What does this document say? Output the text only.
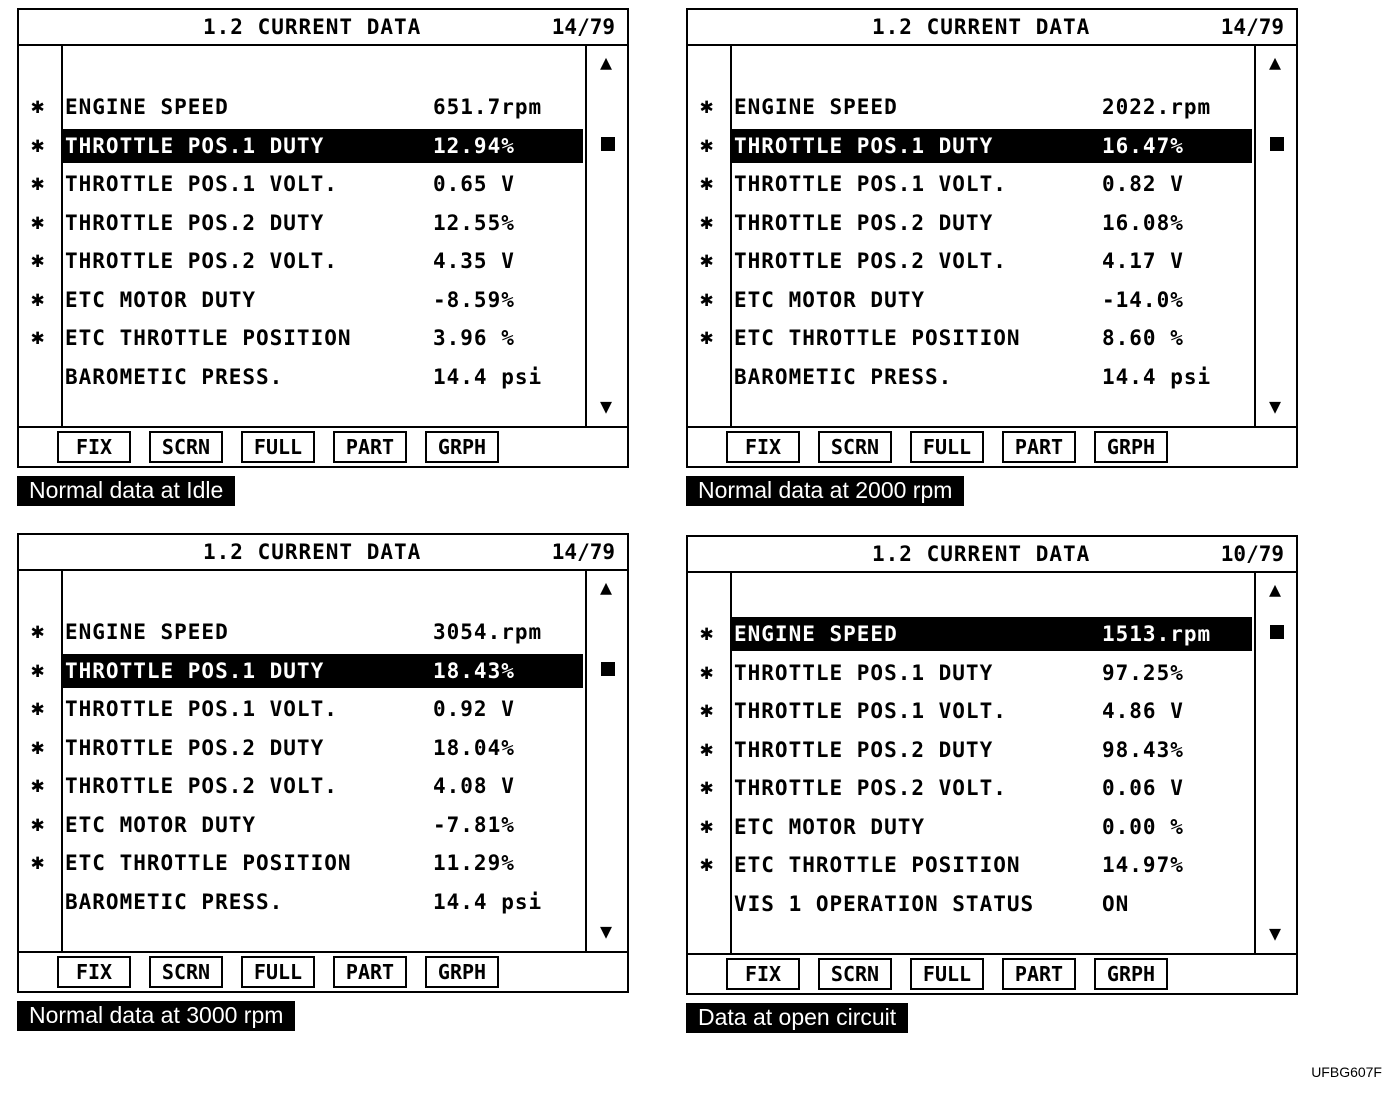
1.2 CURRENT DATA	14/79
▲
▼
✱ ENGINE SPEED	651.7rpm
✱ THROTTLE POS.1 DUTY	12.94%
✱ THROTTLE POS.1 VOLT.	0.65 V
✱ THROTTLE POS.2 DUTY	12.55%
✱ THROTTLE POS.2 VOLT.	4.35 V
✱ ETC MOTOR DUTY	-8.59%
✱ ETC THROTTLE POSITION	3.96 %
BAROMETIC PRESS.	14.4 psi
FIX	SCRN	FULL	PART	GRPH
Normal data at Idle
1.2 CURRENT DATA	14/79
▲
▼
✱ ENGINE SPEED	2022.rpm
✱ THROTTLE POS.1 DUTY	16.47%
✱ THROTTLE POS.1 VOLT.	0.82 V
✱ THROTTLE POS.2 DUTY	16.08%
✱ THROTTLE POS.2 VOLT.	4.17 V
✱ ETC MOTOR DUTY	-14.0%
✱ ETC THROTTLE POSITION	8.60 %
BAROMETIC PRESS.	14.4 psi
FIX	SCRN	FULL	PART	GRPH
Normal data at 2000 rpm
1.2 CURRENT DATA	14/79
▲
▼
✱ ENGINE SPEED	3054.rpm
✱ THROTTLE POS.1 DUTY	18.43%
✱ THROTTLE POS.1 VOLT.	0.92 V
✱ THROTTLE POS.2 DUTY	18.04%
✱ THROTTLE POS.2 VOLT.	4.08 V
✱ ETC MOTOR DUTY	-7.81%
✱ ETC THROTTLE POSITION	11.29%
BAROMETIC PRESS.	14.4 psi
FIX	SCRN	FULL	PART	GRPH
Normal data at 3000 rpm
1.2 CURRENT DATA	10/79
▲
▼
✱ ENGINE SPEED	1513.rpm
✱ THROTTLE POS.1 DUTY	97.25%
✱ THROTTLE POS.1 VOLT.	4.86 V
✱ THROTTLE POS.2 DUTY	98.43%
✱ THROTTLE POS.2 VOLT.	0.06 V
✱ ETC MOTOR DUTY	0.00 %
✱ ETC THROTTLE POSITION	14.97%
VIS 1 OPERATION STATUS	ON
FIX	SCRN	FULL	PART	GRPH
Data at open circuit
UFBG607F
